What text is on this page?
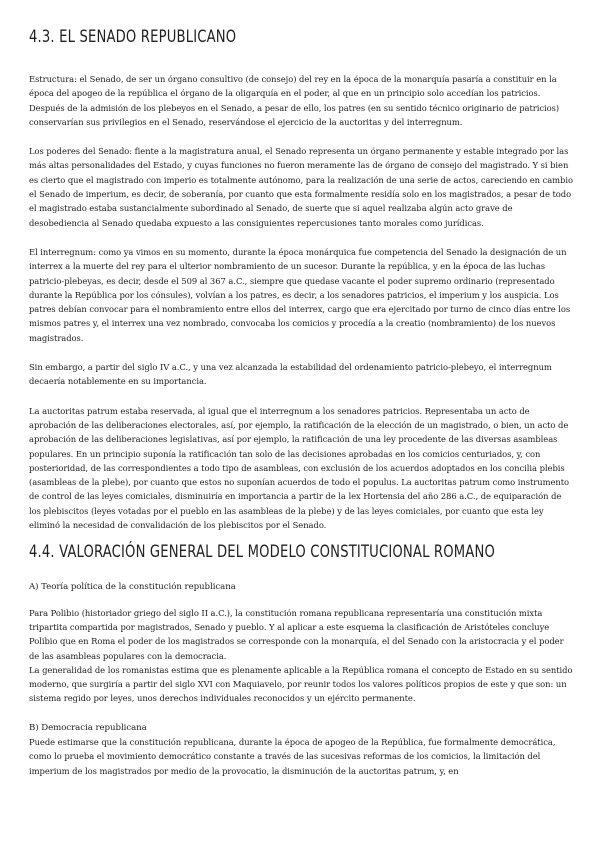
4.3. EL SENADO REPUBLICANO

Estructura: el Senado, de ser un órgano consultivo (de consejo) del rey en la época de la monarquía pasaría a constituir en la época del apogeo de la república el órgano de la oligarquía en el poder, al que en un principio solo accedían los patricios. Después de la admisión de los plebeyos en el Senado, a pesar de ello, los patres (en su sentido técnico originario de patricios) conservarían sus privilegios en el Senado, reservándose el ejercicio de la auctoritas y del interregnum.

Los poderes del Senado: fiente a la magistratura anual, el Senado representa un órgano permanente y estable integrado por las más altas personalidades del Estado, y cuyas funciones no fueron meramente las de órgano de consejo del magistrado. Y si bien es cierto que el magistrado con imperio es totalmente autónomo, para la realización de una serie de actos, careciendo en cambio el Senado de imperium, es decir, de soberanía, por cuanto que esta formalmente residía solo en los magistrados, a pesar de todo el magistrado estaba sustancialmente subordinado al Senado, de suerte que si aquel realizaba algún acto grave de desobediencia al Senado quedaba expuesto a las consiguientes repercusiones tanto morales como jurídicas.

El interregnum: como ya vimos en su momento, durante la época monárquica fue competencia del Senado la designación de un interrex a la muerte del rey para el ulterior nombramiento de un sucesor. Durante la república, y en la época de las luchas patricio-plebeyas, es decir, desde el 509 al 367 a.C., siempre que quedase vacante el poder supremo ordinario (representado durante la República por los cónsules), volvían a los patres, es decir, a los senadores patricios, el imperium y los auspicia. Los patres debían convocar para el nombramiento entre ellos del interrex, cargo que era ejercitado por turno de cinco días entre los mismos patres y, el interrex una vez nombrado, convocaba los comicios y procedía a la creatio (nombramiento) de los nuevos magistrados.

Sin embargo, a partir del siglo IV a.C., y una vez alcanzada la estabilidad del ordenamiento patricio-plebeyo, el interregnum decaería notablemente en su importancia.

La auctoritas patrum estaba reservada, al igual que el interregnum a los senadores patricios. Representaba un acto de aprobación de las deliberaciones electorales, así, por ejemplo, la ratificación de la elección de un magistrado, o bien, un acto de aprobación de las deliberaciones legislativas, así por ejemplo, la ratificación de una ley procedente de las diversas asambleas populares. En un principio suponía la ratificación tan solo de las decisiones aprobadas en los comicios centuriados, y, con posterioridad, de las correspondientes a todo tipo de asambleas, con exclusión de los acuerdos adoptados en los concilia plebis (asambleas de la plebe), por cuanto que estos no suponían acuerdos de todo el populus. La auctoritas patrum como instrumento de control de las leyes comiciales, disminuiría en importancia a partir de la lex Hortensia del año 286 a.C., de equiparación de los plebiscitos (leyes votadas por el pueblo en las asambleas de la plebe) y de las leyes comiciales, por cuanto que esta ley eliminó la necesidad de convalidación de los plebiscitos por el Senado.

4.4. VALORACIÓN GENERAL DEL MODELO CONSTITUCIONAL ROMANO

A) Teoría política de la constitución republicana

Para Polibio (historiador griego del siglo II a.C.), la constitución romana republicana representaría una constitución mixta tripartita compartida por magistrados, Senado y pueblo. Y al aplicar a este esquema la clasificación de Aristóteles concluye Polibio que en Roma el poder de los magistrados se corresponde con la monarquía, el del Senado con la aristocracia y el poder de las asambleas populares con la democracia.

La generalidad de los romanistas estima que es plenamente aplicable a la República romana el concepto de Estado en su sentido moderno, que surgiría a partir del siglo XVI con Maquiavelo, por reunir todos los valores políticos propios de este y que son: un sistema regido por leyes, unos derechos individuales reconocidos y un ejército permanente.

B) Democracia republicana

Puede estimarse que la constitución republicana, durante la época de apogeo de la República, fue formalmente democrática, como lo prueba el movimiento democrático constante a través de las sucesivas reformas de los comicios, la limitación del imperium de los magistrados por medio de la provocatio, la disminución de la auctoritas patrum, y, en
